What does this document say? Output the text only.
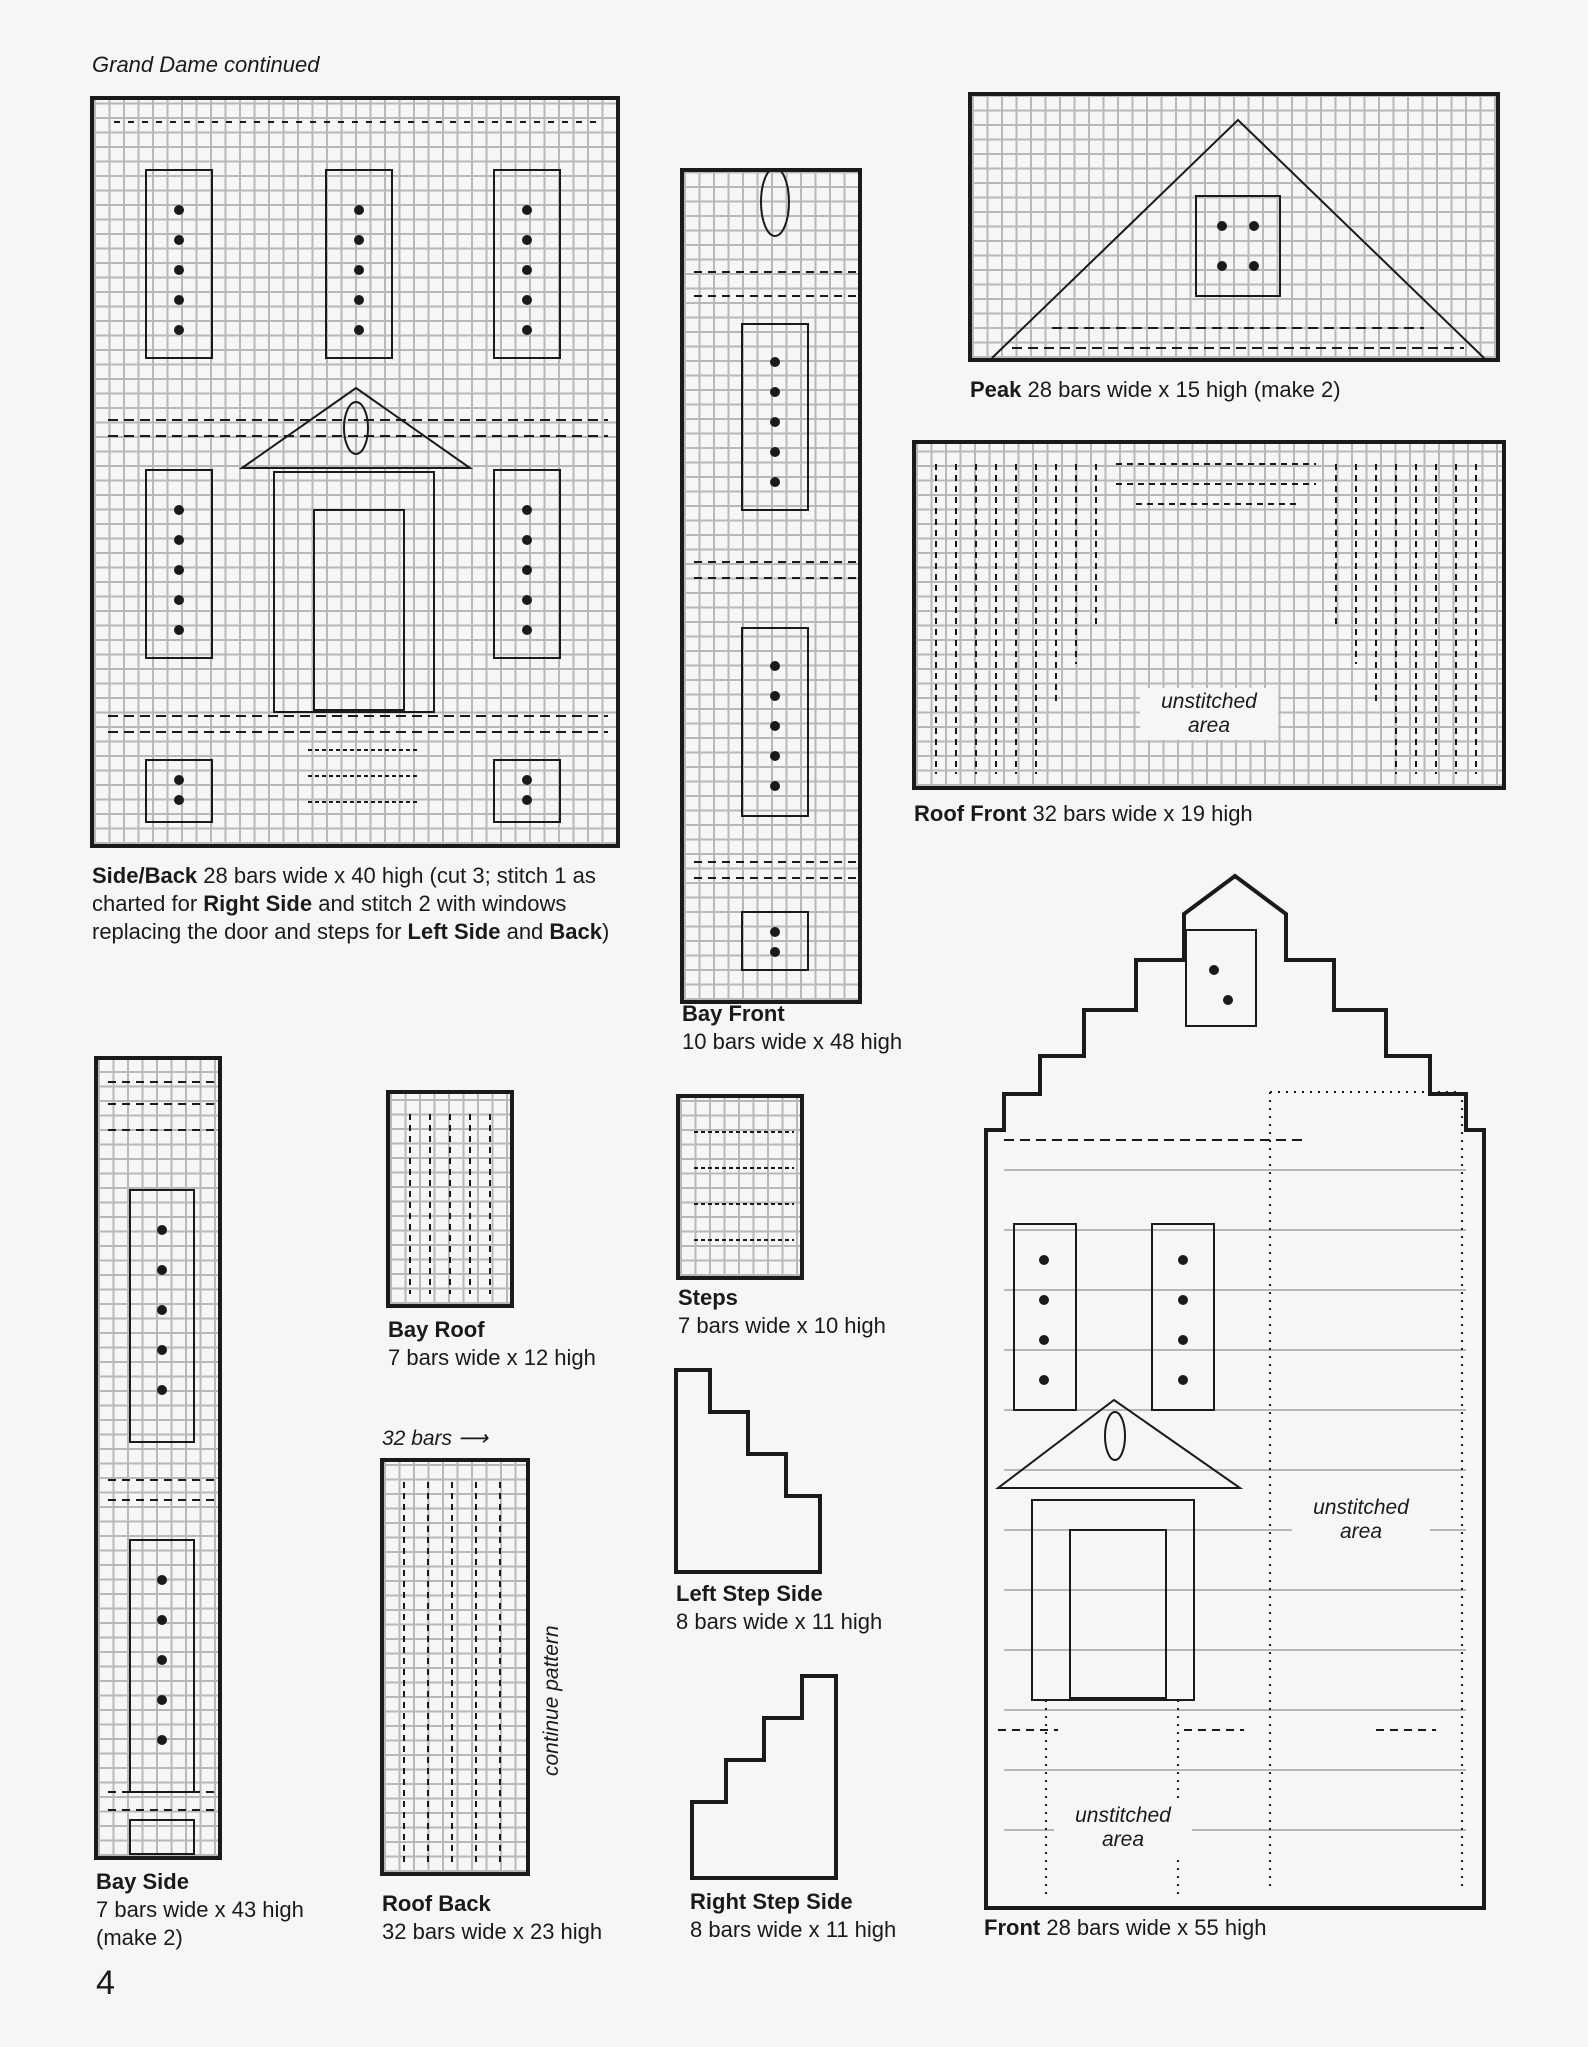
Grand Dame continued
Side/Back 28 bars wide x 40 high (cut 3; stitch 1 as charted for Right Side and stitch 2 with windows replacing the door and steps for Left Side and Back)
Bay Front
10 bars wide x 48 high
Peak 28 bars wide x 15 high (make 2)
unstitched area
Roof Front 32 bars wide x 19 high
Bay Side
7 bars wide x 43 high
(make 2)
Bay Roof
7 bars wide x 12 high
Steps
7 bars wide x 10 high
32 bars ⟶
continue pattern
Roof Back
32 bars wide x 23 high
Left Step Side
8 bars wide x 11 high
Right Step Side
8 bars wide x 11 high
unstitched area
unstitched area
Front 28 bars wide x 55 high
4
